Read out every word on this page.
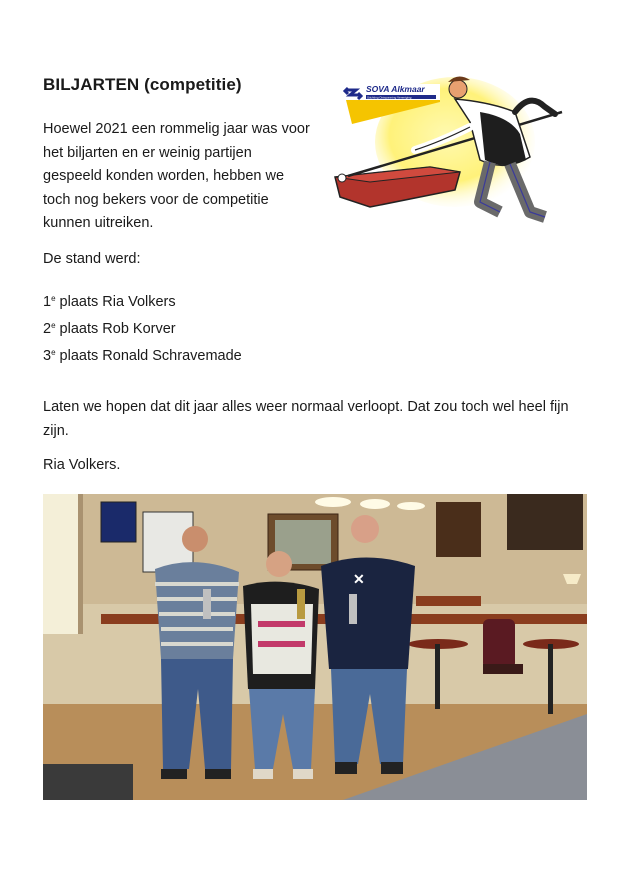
BILJARTEN (competitie)
Hoewel 2021 een rommelig jaar was voor het biljarten en er weinig partijen gespeeld konden worden, hebben we toch nog bekers voor de competitie kunnen uitreiken.
De stand werd:
1e plaats Ria Volkers
2e plaats Rob Korver
3e plaats Ronald Schravemade
Laten we hopen dat dit jaar alles weer normaal verloopt. Dat zou toch wel heel fijn zijn.
Ria Volkers.
SOVA Alkmaar
Stichting Ontspanning Vereniging
✕
